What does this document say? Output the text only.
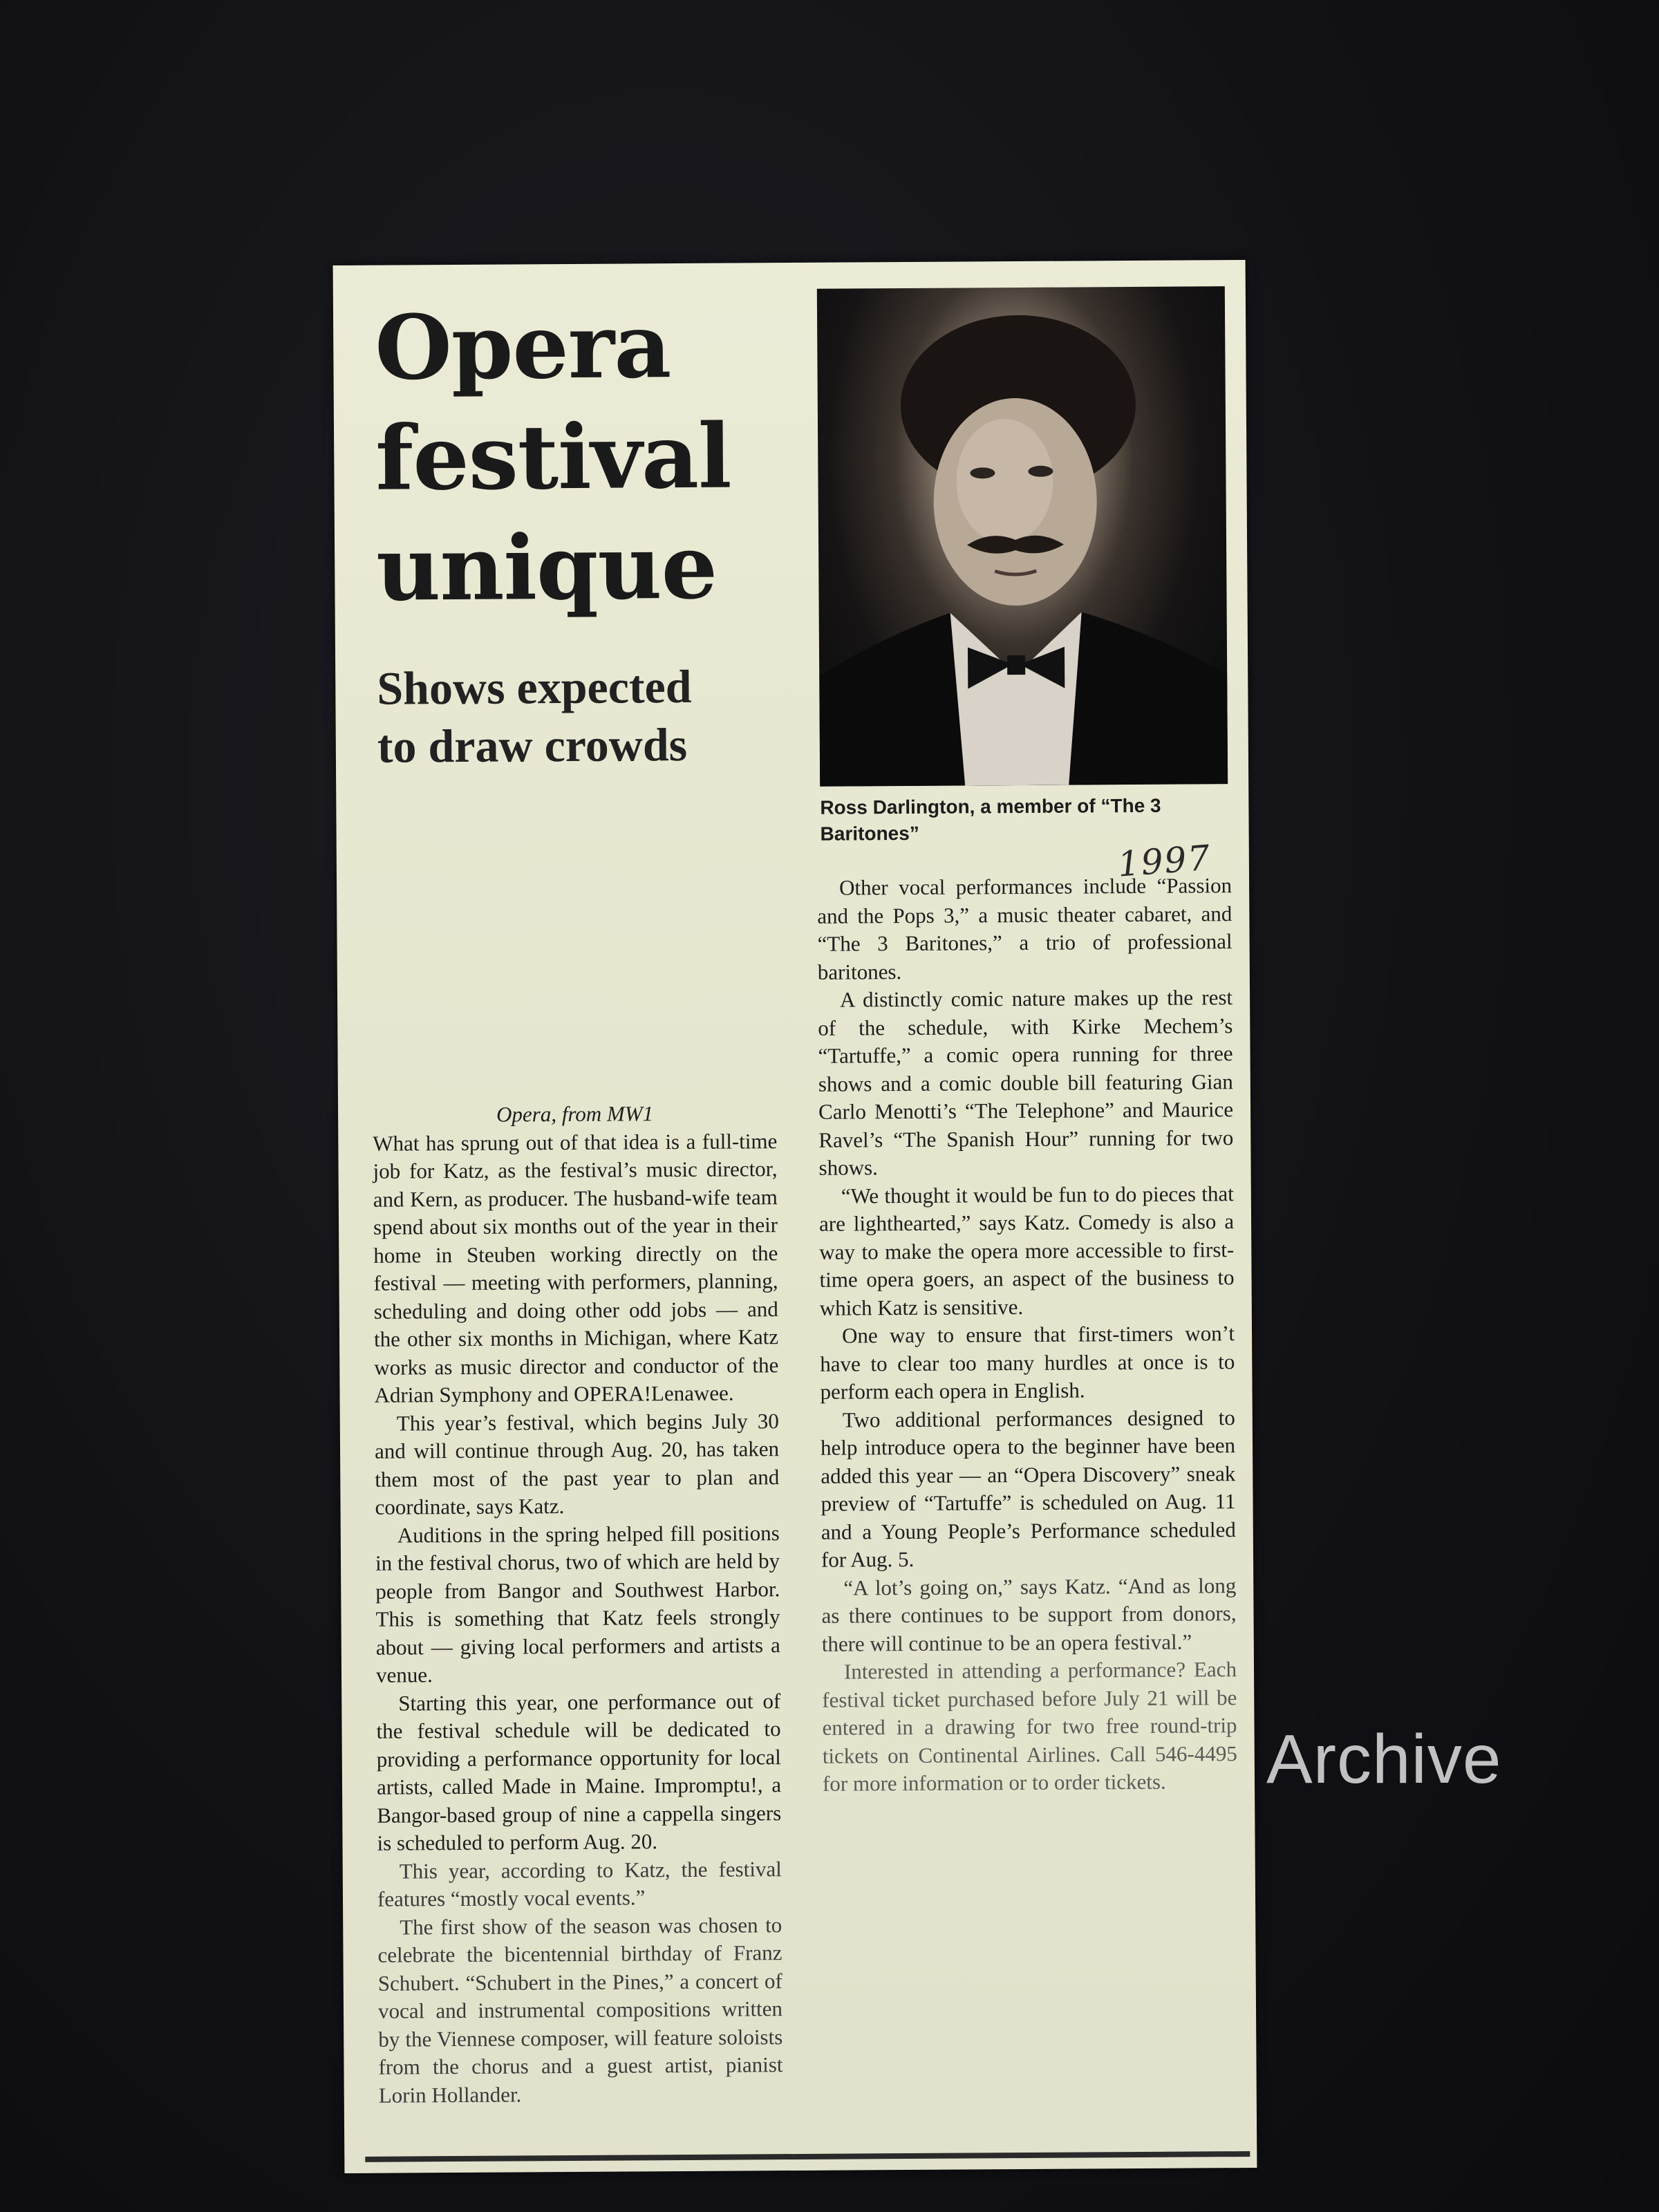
Opera
festival
unique
Shows expected
to draw crowds
Ross Darlington, a member of “The 3 Baritones”
1997

Opera, from MW1

What has sprung out of that idea is a full-time job for Katz, as the festival’s music director, and Kern, as producer. The husband-wife team spend about six months out of the year in their home in Steuben working directly on the festival — meeting with performers, planning, scheduling and doing other odd jobs — and the other six months in Michigan, where Katz works as music director and conductor of the Adrian Symphony and OPERA!Lenawee.

This year’s festival, which begins July 30 and will continue through Aug. 20, has taken them most of the past year to plan and coordinate, says Katz.

Auditions in the spring helped fill positions in the festival chorus, two of which are held by people from Bangor and Southwest Harbor. This is something that Katz feels strongly about — giving local performers and artists a venue.

Starting this year, one performance out of the festival schedule will be dedicated to providing a performance opportunity for local artists, called Made in Maine. Impromptu!, a Bangor-based group of nine a cappella singers is scheduled to perform Aug. 20.

This year, according to Katz, the festival features “mostly vocal events.”

The first show of the season was chosen to celebrate the bicentennial birthday of Franz Schubert. “Schubert in the Pines,” a concert of vocal and instrumental compositions written by the Viennese composer, will feature soloists from the chorus and a guest artist, pianist Lorin Hollander.

Other vocal performances include “Passion and the Pops 3,” a music theater cabaret, and “The 3 Baritones,” a trio of professional baritones.

A distinctly comic nature makes up the rest of the schedule, with Kirke Mechem’s “Tartuffe,” a comic opera running for three shows and a comic double bill featuring Gian Carlo Menotti’s “The Telephone” and Maurice Ravel’s “The Spanish Hour” running for two shows.

“We thought it would be fun to do pieces that are lighthearted,” says Katz. Comedy is also a way to make the opera more accessible to first-time opera goers, an aspect of the business to which Katz is sensitive.

One way to ensure that first-timers won’t have to clear too many hurdles at once is to perform each opera in English.

Two additional performances designed to help introduce opera to the beginner have been added this year — an “Opera Discovery” sneak preview of “Tartuffe” is scheduled on Aug. 11 and a Young People’s Performance scheduled for Aug. 5.

“A lot’s going on,” says Katz. “And as long as there continues to be support from donors, there will continue to be an opera festival.”

Interested in attending a performance? Each festival ticket purchased before July 21 will be entered in a drawing for two free round-trip tickets on Continental Airlines. Call 546-4495 for more information or to order tickets.	Archive
